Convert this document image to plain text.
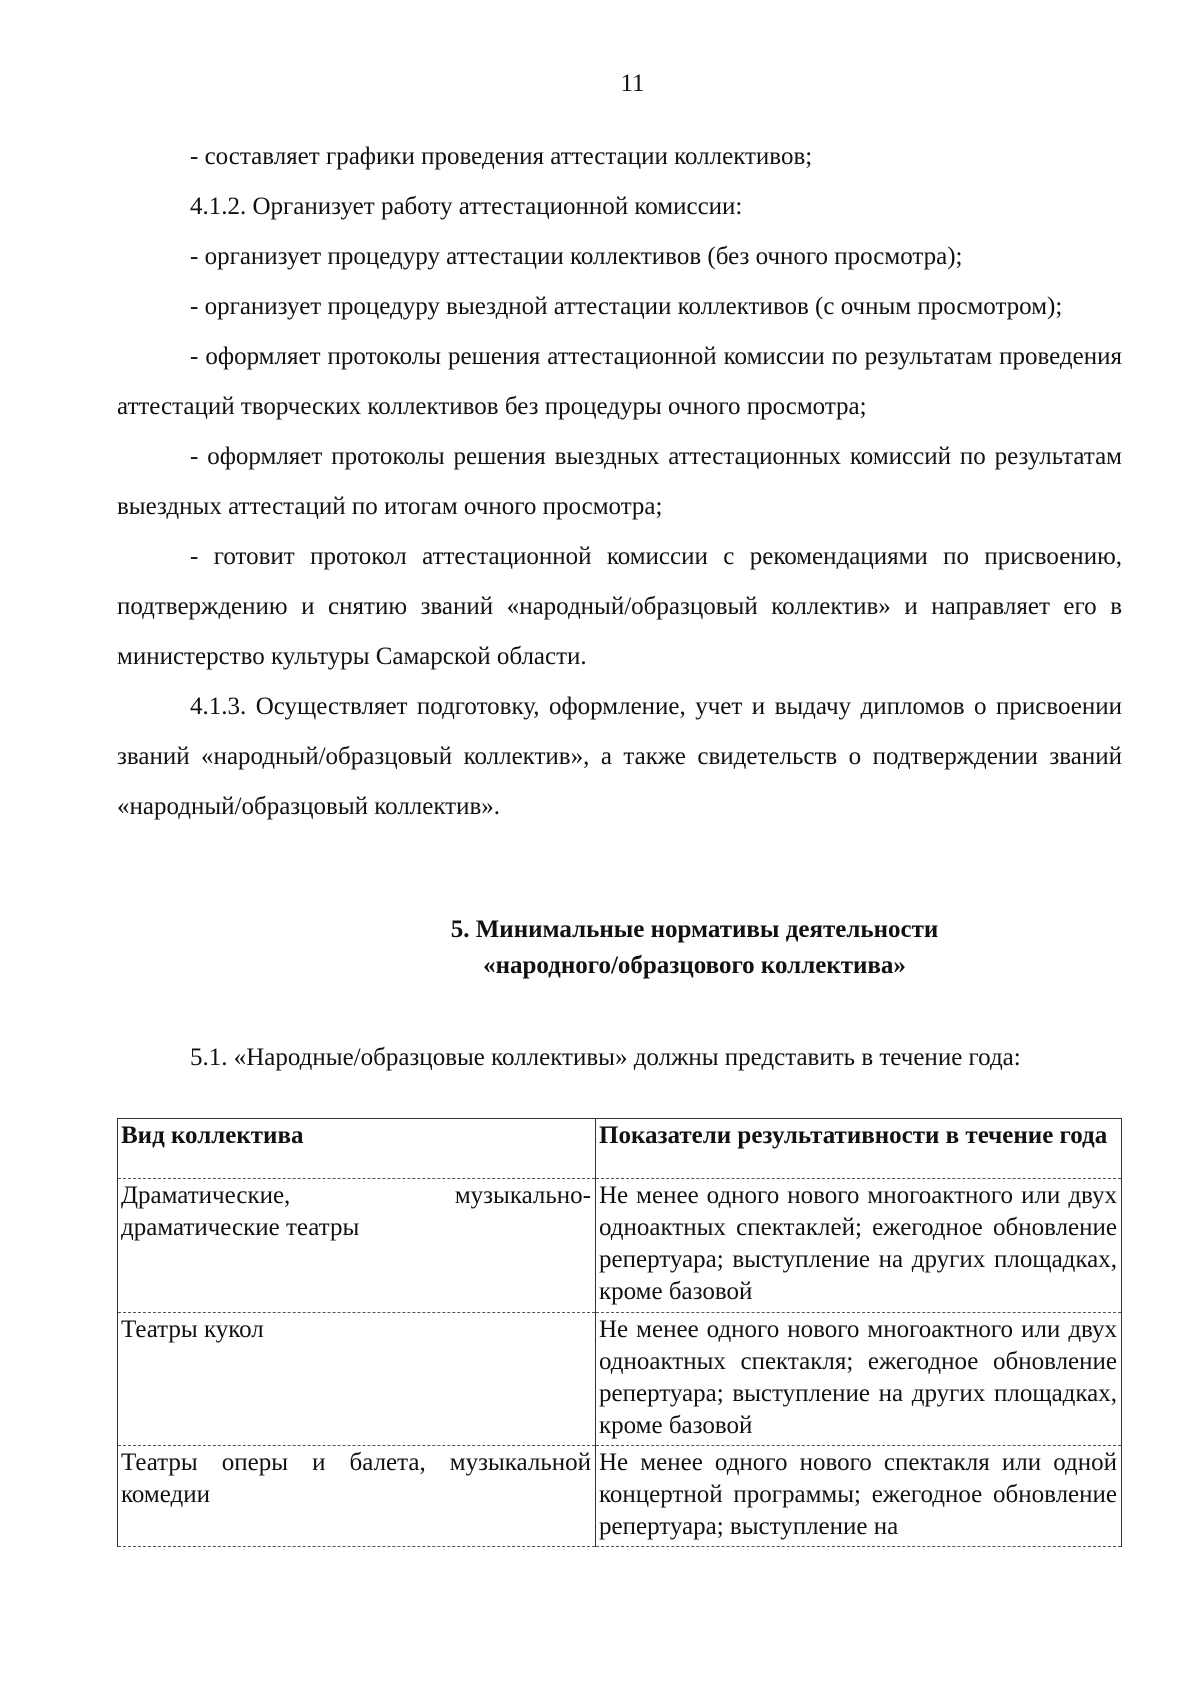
11

- составляет графики проведения аттестации коллективов;

4.1.2. Организует работу аттестационной комиссии:

- организует процедуру аттестации коллективов (без очного просмотра);

- организует процедуру выездной аттестации коллективов (с очным просмотром);

- оформляет протоколы решения аттестационной комиссии по результатам проведения аттестаций творческих коллективов без процедуры очного просмотра;

- оформляет протоколы решения выездных аттестационных комиссий по результатам выездных аттестаций по итогам очного просмотра;

- готовит протокол аттестационной комиссии с рекомендациями по присвоению, подтверждению и снятию званий «народный/образцовый коллектив» и направляет его в министерство культуры Самарской области.

4.1.3. Осуществляет подготовку, оформление, учет и выдачу дипломов о присвоении званий «народный/образцовый коллектив», а также свидетельств о подтверждении званий «народный/образцовый коллектив».

5. Минимальные нормативы деятельности
«народного/образцового коллектива»
5.1. «Народные/образцовые коллективы» должны представить в течение года:
Вид коллектива	Показатели результативности в течение года
Драматические, музыкально-драматические театры	Не менее одного нового многоактного или двух одноактных спектаклей; ежегодное обновление репертуара; выступление на других площадках, кроме базовой
Театры кукол	Не менее одного нового многоактного или двух одноактных спектакля; ежегодное обновление репертуара; выступление на других площадках, кроме базовой
Театры оперы и балета, музыкальной комедии	Не менее одного нового спектакля или одной концертной программы; ежегодное обновление репертуара; выступление на
